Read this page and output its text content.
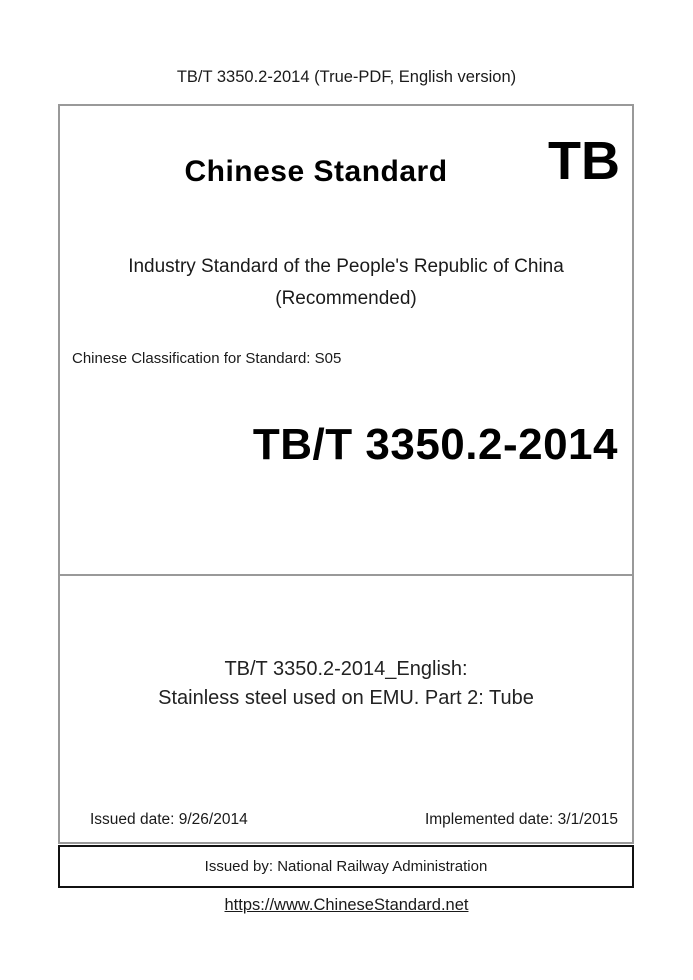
TB/T 3350.2-2014 (True-PDF, English version)
Chinese Standard	TB
Industry Standard of the People's Republic of China
(Recommended)
Chinese Classification for Standard: S05
TB/T 3350.2-2014
TB/T 3350.2-2014_English:
Stainless steel used on EMU. Part 2: Tube
Issued date: 9/26/2014	Implemented date: 3/1/2015
Issued by: National Railway Administration
https://www.ChineseStandard.net
